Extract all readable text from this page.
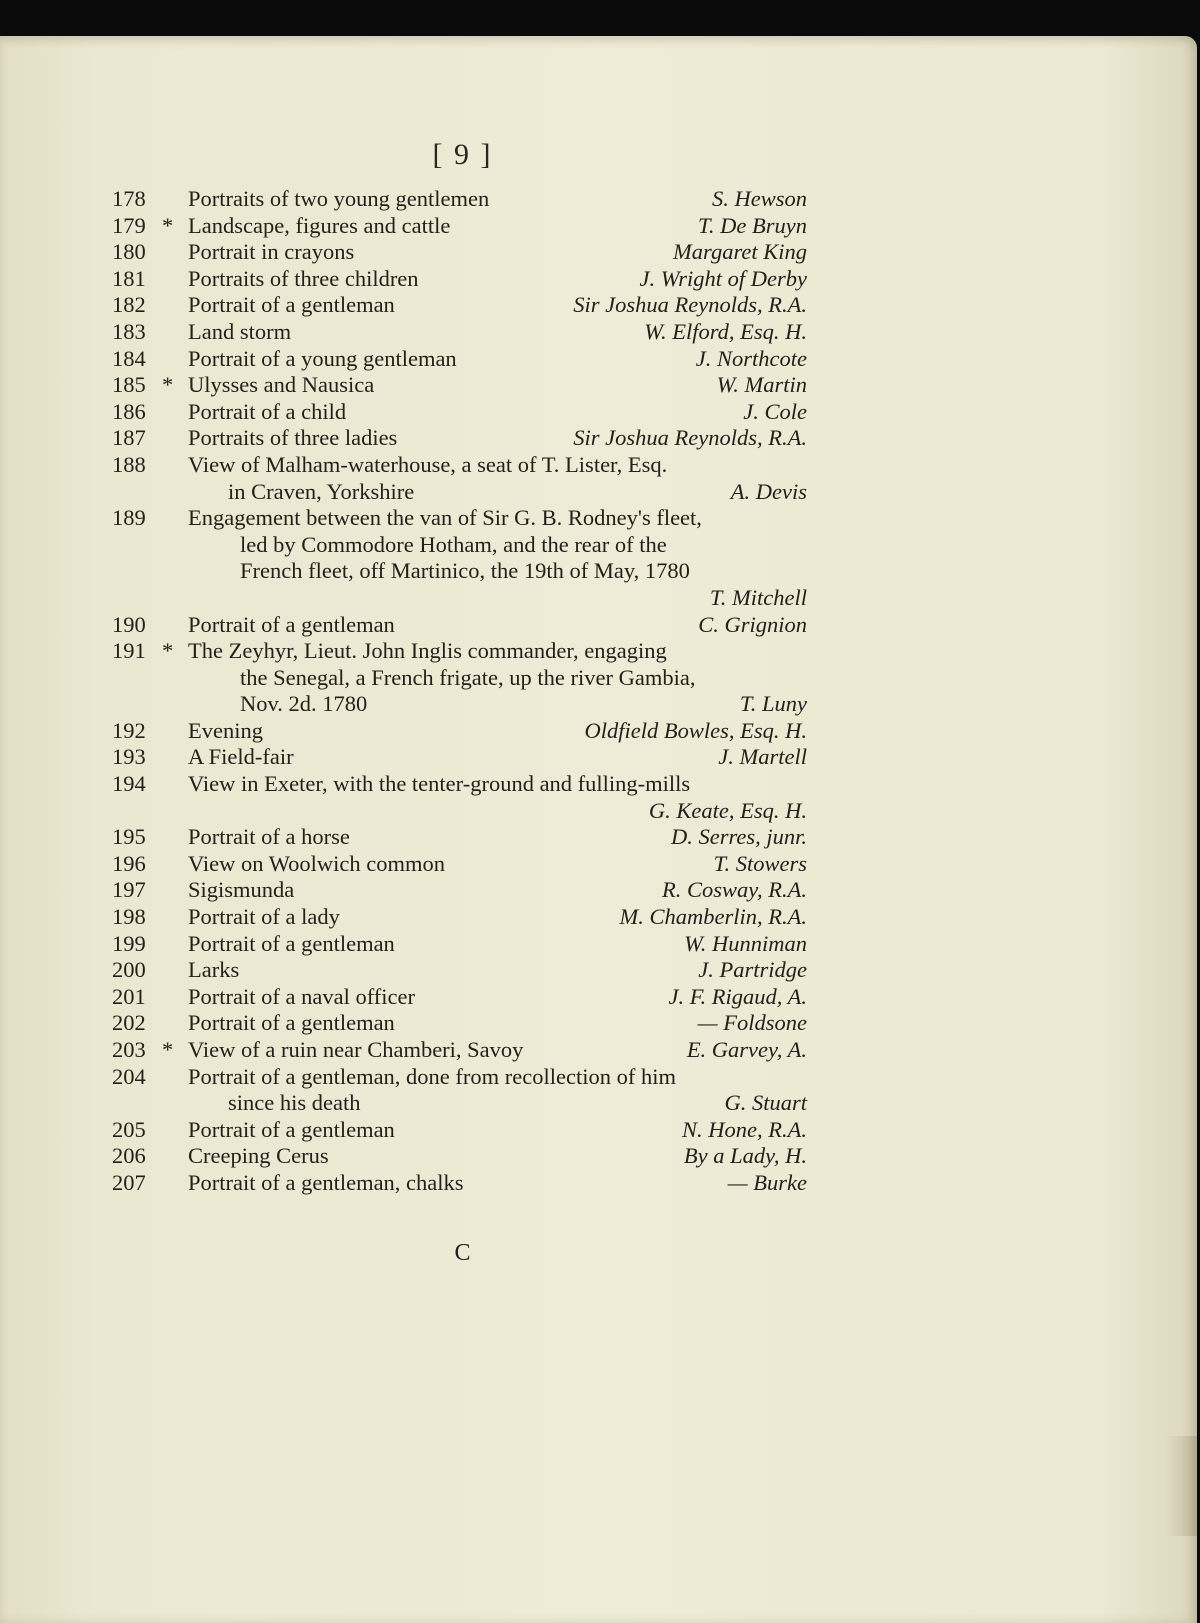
[ 9 ]
178 Portraits of two young gentlemen	S. Hewson
179 * Landscape, figures and cattle	T. De Bruyn
180 Portrait in crayons	Margaret King
181 Portraits of three children	J. Wright of Derby
182 Portrait of a gentleman	Sir Joshua Reynolds, R.A.
183 Land storm	W. Elford, Esq. H.
184 Portrait of a young gentleman	J. Northcote
185 * Ulysses and Nausica	W. Martin
186 Portrait of a child	J. Cole
187 Portraits of three ladies	Sir Joshua Reynolds, R.A.
188 View of Malham-waterhouse, a seat of T. Lister, Esq.
in Craven, Yorkshire	A. Devis
189 Engagement between the van of Sir G. B. Rodney's fleet,
led by Commodore Hotham, and the rear of the
French fleet, off Martinico, the 19th of May, 1780
T. Mitchell
190 Portrait of a gentleman	C. Grignion
191 * The Zeyhyr, Lieut. John Inglis commander, engaging
the Senegal, a French frigate, up the river Gambia,
Nov. 2d. 1780	T. Luny
192 Evening	Oldfield Bowles, Esq. H.
193 A Field-fair	J. Martell
194 View in Exeter, with the tenter-ground and fulling-mills
G. Keate, Esq. H.
195 Portrait of a horse	D. Serres, junr.
196 View on Woolwich common	T. Stowers
197 Sigismunda	R. Cosway, R.A.
198 Portrait of a lady	M. Chamberlin, R.A.
199 Portrait of a gentleman	W. Hunniman
200 Larks	J. Partridge
201 Portrait of a naval officer	J. F. Rigaud, A.
202 Portrait of a gentleman	— Foldsone
203 * View of a ruin near Chamberi, Savoy	E. Garvey, A.
204 Portrait of a gentleman, done from recollection of him
since his death	G. Stuart
205 Portrait of a gentleman	N. Hone, R.A.
206 Creeping Cerus	By a Lady, H.
207 Portrait of a gentleman, chalks	— Burke
C
